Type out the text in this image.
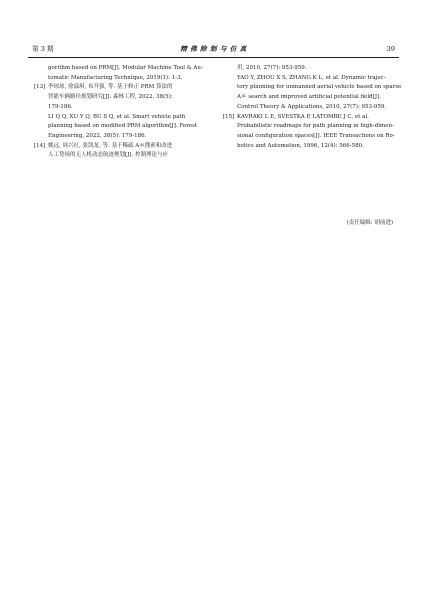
第 3 期	精 佛 除 制 与 仿 真	39
gorithm based on PRM[J]. Modular Machine Tool & Au-
tomatic Manufacturing Technique, 2019(1): 1-3.
[13] 李琼琼, 徐溢琪, 布升强, 等. 基于修正 PRM 算法的
智能车辆路径规划研究[J]. 森林工程, 2022, 38(5):
179-186.
LI Q Q, XU Y Q, BU S Q, et al. Smart vehicle path
planning based on modified PRM algorithm[J]. Forest
Engineering, 2022, 38(5): 179-186.
[14] 姚远, 周兴社, 张凯龙, 等. 基于稀疏 A＊搜索和改进
人工势场的无人机动态航迹规划[J]. 控制理论与应
用, 2010, 27(7): 953-959.
YAO Y, ZHOU X S, ZHANG K L, et al. Dynamic trajec-
tory planning for unmanned aerial vehicle based on sparse
A＊ search and improved artificial potential field[J].
Control Theory & Applications, 2010, 27(7): 953-959.
[15] KAVRAKI L E, SVESTKA P, LATOMBE J C, et al.
Probabilistic roadmaps for path planning in high-dimen-
sional configuration spaces[J]. IEEE Transactions on Ro-
botics and Automation, 1996, 12(4): 566-580.
(责任编辑: 胡前进)
